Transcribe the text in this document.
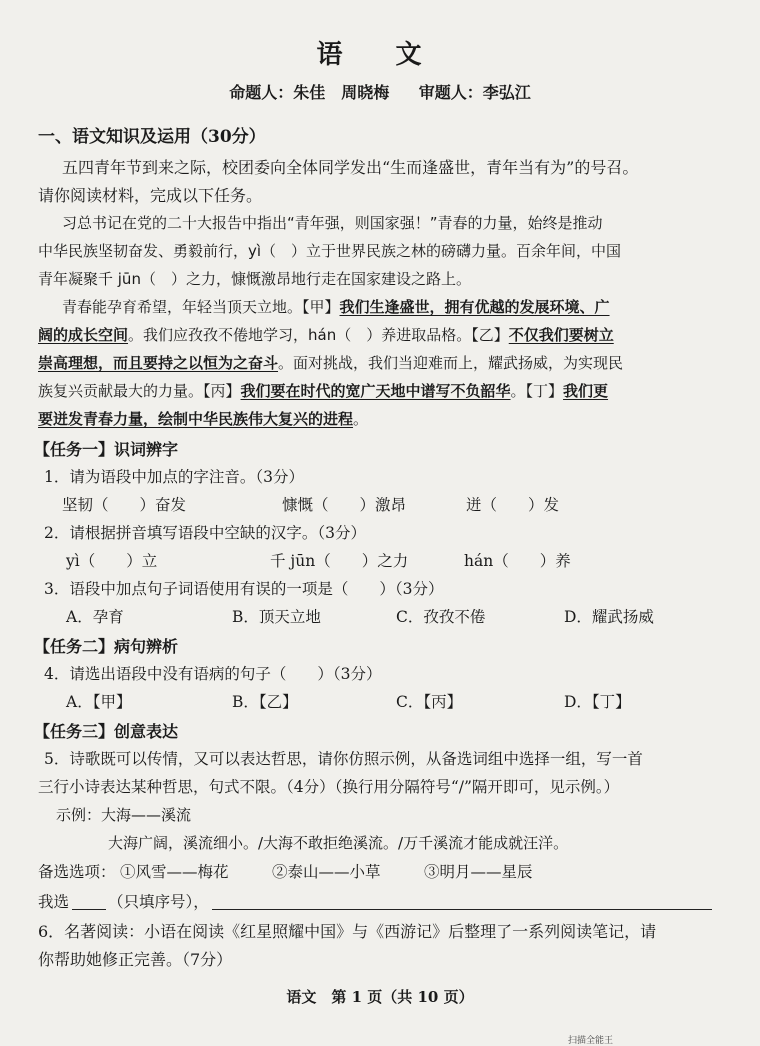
语 文
命题人：朱佳　周晓梅 审题人：李弘江
一、语文知识及运用（30分）
五四青年节到来之际，校团委向全体同学发出“生而逢盛世，青年当有为”的号召。
请你阅读材料，完成以下任务。
习总书记在党的二十大报告中指出“青年强，则国家强！”青春的力量，始终是推动
中华民族坚韧奋发、勇毅前行，yì（　）立于世界民族之林的磅礴力量。百余年间，中国
青年凝聚千 jūn（　）之力，慷慨激昂地行走在国家建设之路上。
青春能孕育希望，年轻当顶天立地。【甲】我们生逢盛世，拥有优越的发展环境、广
阔的成长空间。我们应孜孜不倦地学习，hán（　）养进取品格。【乙】不仅我们要树立
崇高理想，而且要持之以恒为之奋斗。面对挑战，我们当迎难而上，耀武扬威，为实现民
族复兴贡献最大的力量。【丙】我们要在时代的宽广天地中谱写不负韶华。【丁】我们更
要迸发青春力量，绘制中华民族伟大复兴的进程。
【任务一】识词辨字
1．请为语段中加点的字注音。（3分）
坚韧（　　）奋发	慷慨（　　）激昂	迸（　　）发
2．请根据拼音填写语段中空缺的汉字。（3分）
yì（　　）立	千 jūn（　　）之力	hán（　　）养
3．语段中加点句子词语使用有误的一项是（　　）（3分）
A．孕育	B．顶天立地	C．孜孜不倦	D．耀武扬威
【任务二】病句辨析
4．请选出语段中没有语病的句子（　　）（3分）
A．【甲】	B．【乙】	C．【丙】	D．【丁】
【任务三】创意表达
5．诗歌既可以传情，又可以表达哲思，请你仿照示例，从备选词组中选择一组，写一首
三行小诗表达某种哲思，句式不限。（4分）（换行用分隔符号“/”隔开即可，见示例。）
示例：大海——溪流
大海广阔，溪流细小。/大海不敢拒绝溪流。/万千溪流才能成就汪洋。
备选选项： ①风雪——梅花	②泰山——小草	③明月——星辰
我选	（只填序号），
6．名著阅读：小语在阅读《红星照耀中国》与《西游记》后整理了一系列阅读笔记，请
你帮助她修正完善。（7分）
语文　第 1 页（共 10 页）
扫描全能王
